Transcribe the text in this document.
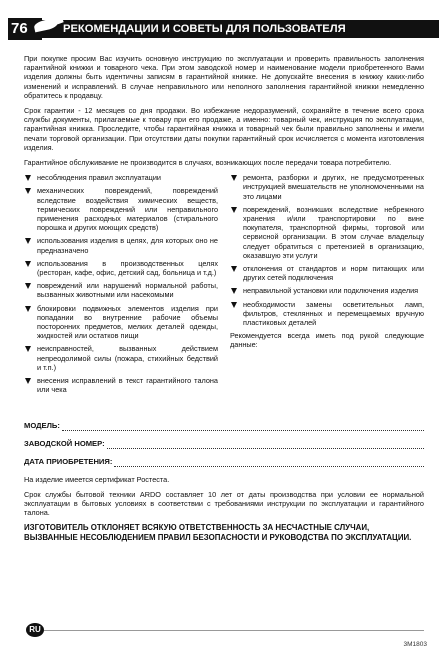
76	РЕКОМЕНДАЦИИ И СОВЕТЫ ДЛЯ ПОЛЬЗОВАТЕЛЯ

При покупке просим Вас изучить основную инструкцию по эксплуатации и проверить правильность заполнения гарантийной книжки и товарного чека. При этом заводской номер и наименование модели приобретенного Вами изделия должны быть идентичны записям в гарантийной книжке. Не допускайте внесения в книжку каких-либо изменений и исправлений. В случае неправильного или неполного заполнения гарантийной книжки немедленно обратитесь к продавцу.

Срок гарантии - 12 месяцев со дня продажи. Во избежание недоразумений, сохраняйте в течение всего срока службы документы, прилагаемые к товару при его продаже, а именно: товарный чек, инструкция по эксплуатации, гарантийная книжка. Проследите, чтобы гарантийная книжка и товарный чек были правильно заполнены и имели печати торговой организации. При отсутствии даты покупки гарантийный срок исчисляется с момента изготовления изделия.

Гарантийное обслуживание не производится в случаях, возникающих после передачи товара потребителю.

несоблюдения правил эксплуатации
механических повреждений, повреждений вследствие воздействия химических веществ, термических повреждений или неправильного применения расходных материалов (стирального порошка и других моющих средств)
использования изделия в целях, для которых оно не предназначено
использования в производственных целях (ресторан, кафе, офис, детский сад, больница и т.д.)
повреждений или нарушений нормальной работы, вызванных животными или насекомыми
блокировки подвижных элементов изделия при попадании во внутренние рабочие объемы посторонних предметов, мелких деталей одежды, жидкостей или остатков пищи
неисправностей, вызванных действием непреодолимой силы (пожара, стихийных бедствий и т.п.)
внесения исправлений в текст гарантийного талона или чека
ремонта, разборки и других, не предусмотренных инструкцией вмешательств не уполномоченными на это лицами
повреждений, возникших вследствие небрежного хранения и/или транспортировки по вине покупателя, транспортной фирмы, торговой или сервисной организации. В этом случае владельцу следует обратиться с претензией в организацию, оказавшую эти услуги
отклонения от стандартов и норм питающих или других сетей подключения
неправильной установки или подключения изделия
необходимости замены осветительных ламп, фильтров, стеклянных и перемещаемых вручную пластиковых деталей

Рекомендуется всегда иметь под рукой следующие данные:

МОДЕЛЬ:
ЗАВОДСКОЙ НОМЕР:
ДАТА ПРИОБРЕТЕНИЯ:

На изделие имеется сертификат Ростеста.

Срок службы бытовой техники ARDO составляет 10 лет от даты производства при условии ее нормальной эксплуатации в бытовых условиях в соответствии с требованиями инструкции по эксплуатации и гарантийного талона.

ИЗГОТОВИТЕЛЬ ОТКЛОНЯЕТ ВСЯКУЮ ОТВЕТСТВЕННОСТЬ ЗА НЕСЧАСТНЫЕ СЛУЧАИ, ВЫЗВАННЫЕ НЕСОБЛЮДЕНИЕМ ПРАВИЛ БЕЗОПАСНОСТИ И РУКОВОДСТВА ПО ЭКСПЛУАТАЦИИ.

RU
3M1803
